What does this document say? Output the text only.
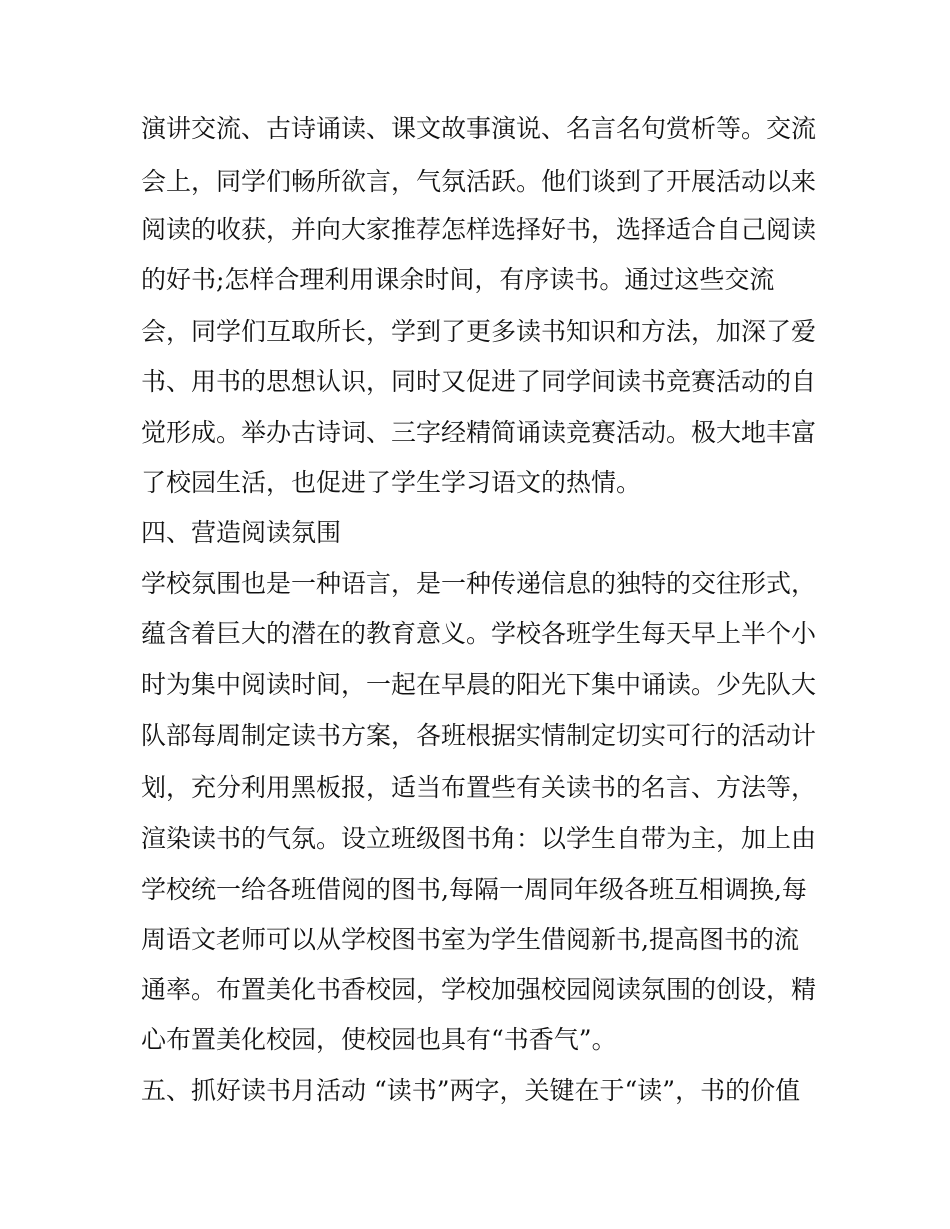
演讲交流、古诗诵读、课文故事演说、名言名句赏析等。交流
会上，同学们畅所欲言，气氛活跃。他们谈到了开展活动以来
阅读的收获，并向大家推荐怎样选择好书，选择适合自己阅读
的好书;怎样合理利用课余时间，有序读书。通过这些交流
会，同学们互取所长，学到了更多读书知识和方法，加深了爱
书、用书的思想认识，同时又促进了同学间读书竞赛活动的自
觉形成。举办古诗词、三字经精简诵读竞赛活动。极大地丰富
了校园生活，也促进了学生学习语文的热情。
四、营造阅读氛围
学校氛围也是一种语言，是一种传递信息的独特的交往形式，
蕴含着巨大的潜在的教育意义。学校各班学生每天早上半个小
时为集中阅读时间，一起在早晨的阳光下集中诵读。少先队大
队部每周制定读书方案，各班根据实情制定切实可行的活动计
划，充分利用黑板报，适当布置些有关读书的名言、方法等，
渲染读书的气氛。设立班级图书角：以学生自带为主，加上由
学校统一给各班借阅的图书,每隔一周同年级各班互相调换,每
周语文老师可以从学校图书室为学生借阅新书,提高图书的流
通率。布置美化书香校园，学校加强校园阅读氛围的创设，精
心布置美化校园，使校园也具有“书香气”。
五、抓好读书月活动 “读书”两字，关键在于“读”，书的价值
